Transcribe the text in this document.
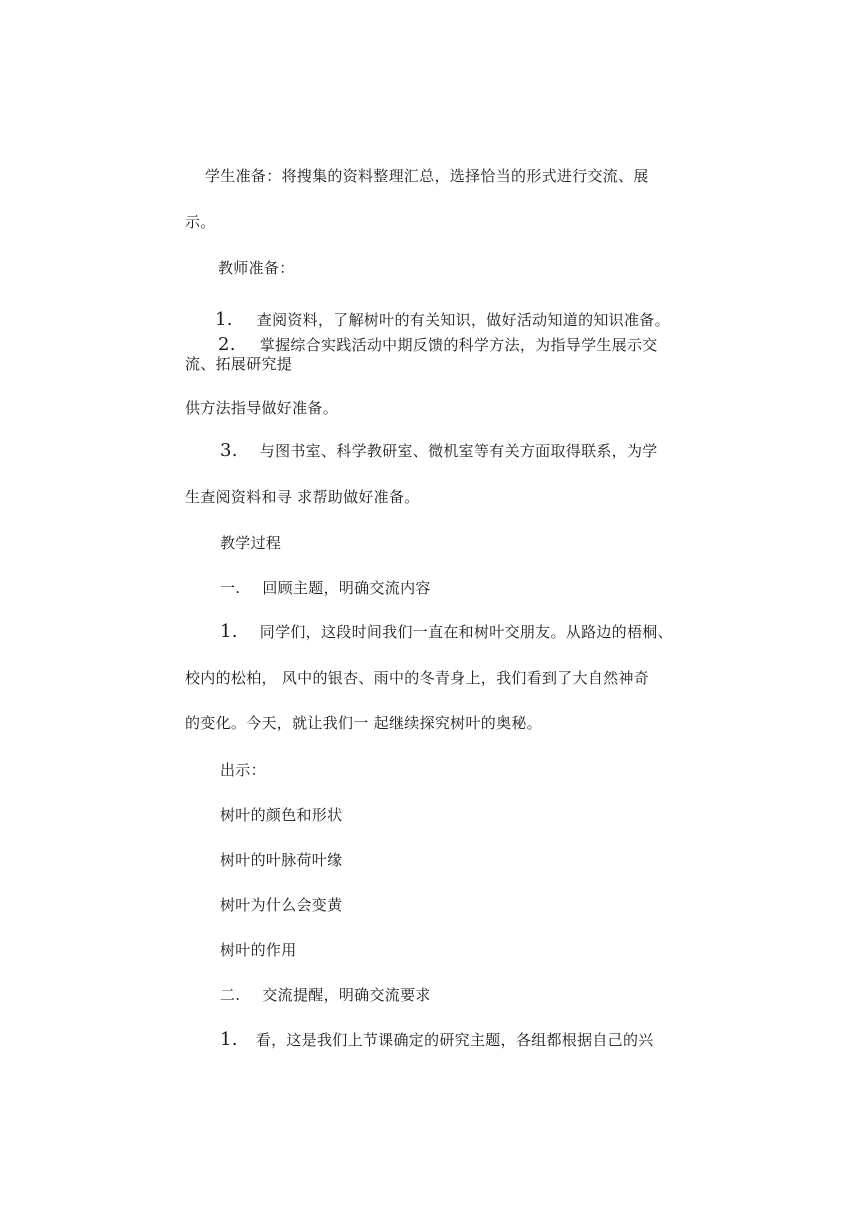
学生准备：将搜集的资料整理汇总，选择恰当的形式进行交流、展
示。
教师准备：
1. 查阅资料，了解树叶的有关知识，做好活动知道的知识准备。
2. 掌握综合实践活动中期反馈的科学方法，为指导学生展示交
流、拓展研究提
供方法指导做好准备。
3. 与图书室、科学教研室、微机室等有关方面取得联系，为学
生查阅资料和寻 求帮助做好准备。
教学过程
一. 回顾主题，明确交流内容
1. 同学们，这段时间我们一直在和树叶交朋友。从路边的梧桐、
校内的松柏， 风中的银杏、雨中的冬青身上，我们看到了大自然神奇
的变化。今天，就让我们一 起继续探究树叶的奥秘。
出示：
树叶的颜色和形状
树叶的叶脉荷叶缘
树叶为什么会变黄
树叶的作用
二. 交流提醒，明确交流要求
1. 看，这是我们上节课确定的研究主题，各组都根据自己的兴
